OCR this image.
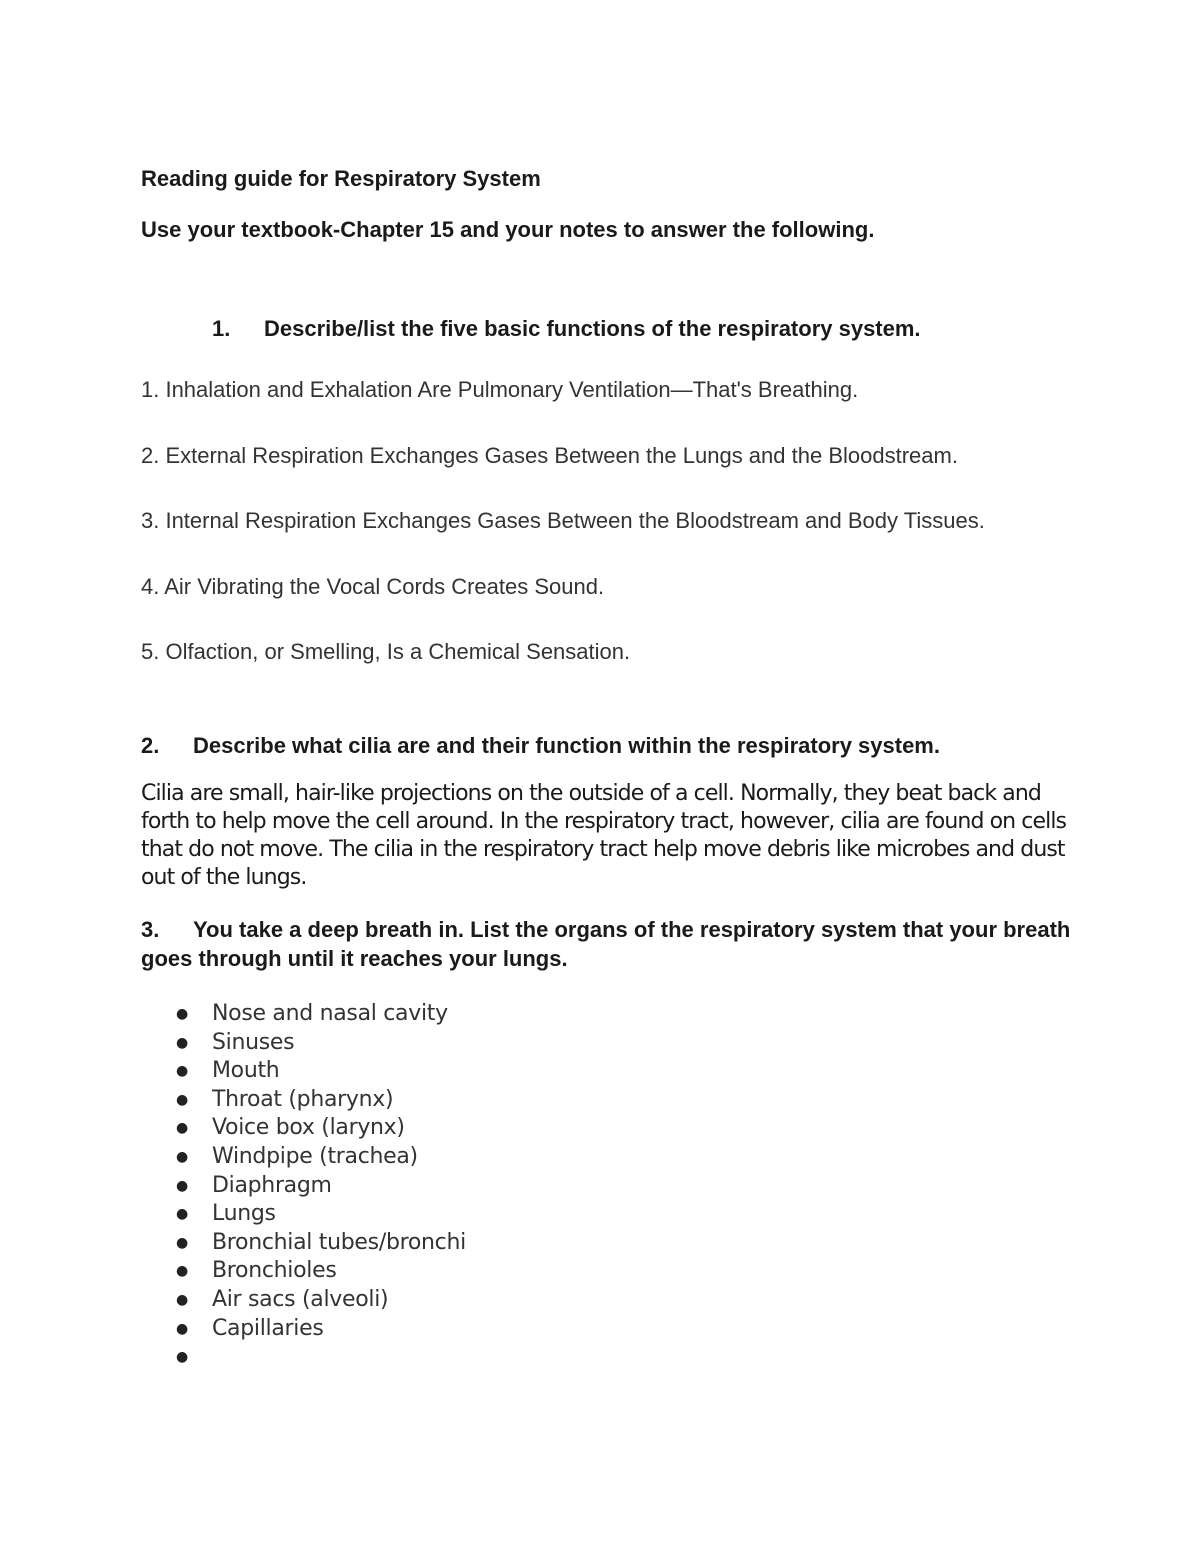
Reading guide for Respiratory System
Use your textbook-Chapter 15 and your notes to answer the following.
1. Describe/list the five basic functions of the respiratory system.
1. Inhalation and Exhalation Are Pulmonary Ventilation—That's Breathing.
2. External Respiration Exchanges Gases Between the Lungs and the Bloodstream.
3. Internal Respiration Exchanges Gases Between the Bloodstream and Body Tissues.
4. Air Vibrating the Vocal Cords Creates Sound.
5. Olfaction, or Smelling, Is a Chemical Sensation.
2. Describe what cilia are and their function within the respiratory system.
Cilia are small, hair-like projections on the outside of a cell. Normally, they beat back and forth to help move the cell around. In the respiratory tract, however, cilia are found on cells that do not move. The cilia in the respiratory tract help move debris like microbes and dust out of the lungs.
3. You take a deep breath in. List the organs of the respiratory system that your breath goes through until it reaches your lungs.
● Nose and nasal cavity
● Sinuses
● Mouth
● Throat (pharynx)
● Voice box (larynx)
● Windpipe (trachea)
● Diaphragm
● Lungs
● Bronchial tubes/bronchi
● Bronchioles
● Air sacs (alveoli)
● Capillaries
●
